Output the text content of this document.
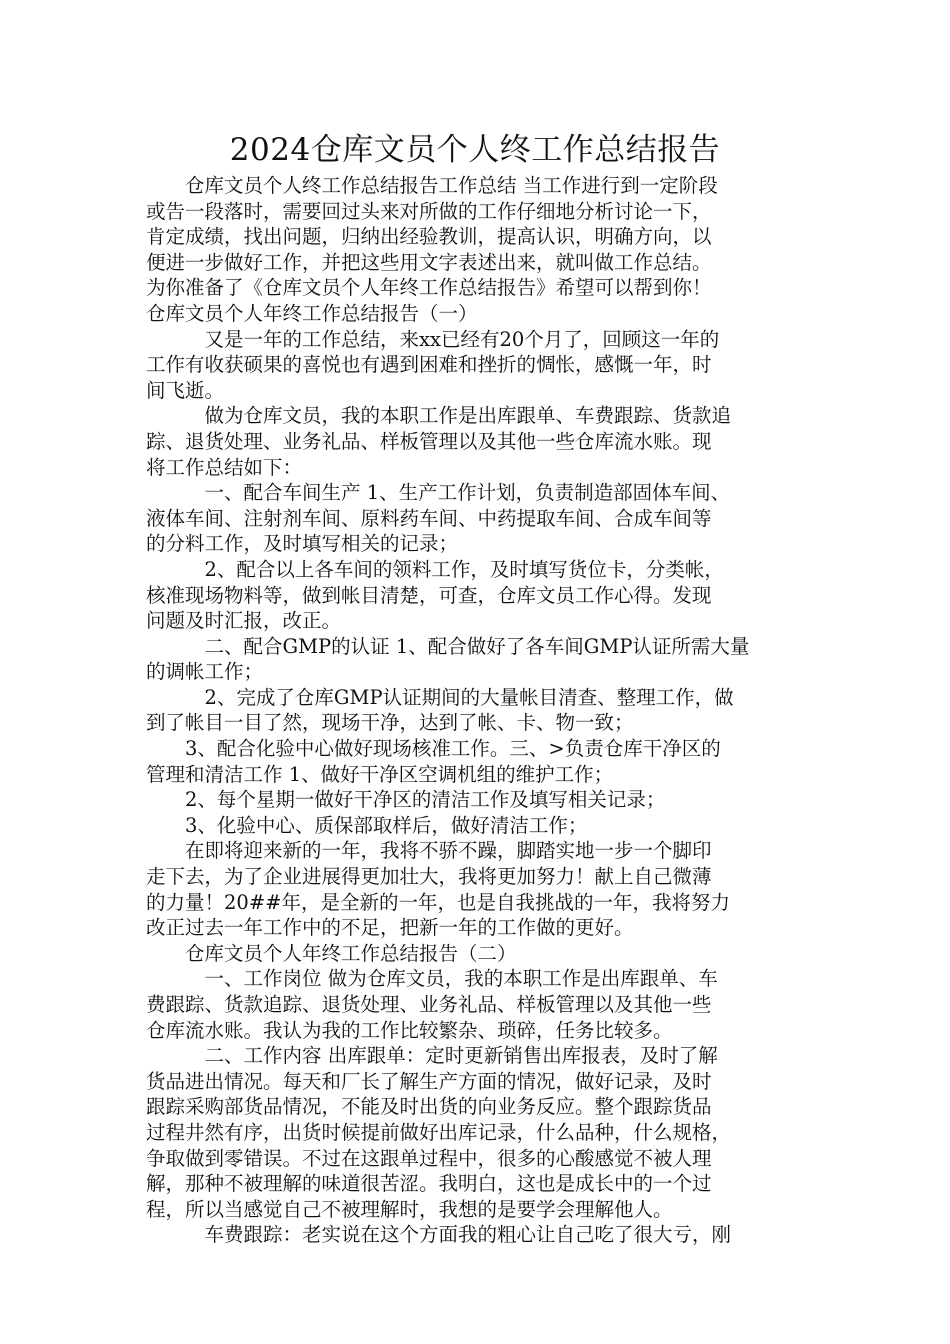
2024仓库文员个人终工作总结报告
　　仓库文员个人终工作总结报告工作总结 当工作进行到一定阶段
或告一段落时，需要回过头来对所做的工作仔细地分析讨论一下，
肯定成绩，找出问题，归纳出经验教训，提高认识，明确方向，以
便进一步做好工作，并把这些用文字表述出来，就叫做工作总结。
为你准备了《仓库文员个人年终工作总结报告》希望可以帮到你！
仓库文员个人年终工作总结报告（一）
　　　又是一年的工作总结，来xx已经有20个月了，回顾这一年的
工作有收获硕果的喜悦也有遇到困难和挫折的惆怅，感慨一年，时
间飞逝。
　　　做为仓库文员，我的本职工作是出库跟单、车费跟踪、货款追
踪、退货处理、业务礼品、样板管理以及其他一些仓库流水账。现
将工作总结如下：
　　　一、配合车间生产 1、生产工作计划，负责制造部固体车间、
液体车间、注射剂车间、原料药车间、中药提取车间、合成车间等
的分料工作，及时填写相关的记录；
　　　2、配合以上各车间的领料工作，及时填写货位卡，分类帐，
核准现场物料等，做到帐目清楚，可查，仓库文员工作心得。发现
问题及时汇报，改正。
　　　二、配合GMP的认证 1、配合做好了各车间GMP认证所需大量
的调帐工作；
　　　2、完成了仓库GMP认证期间的大量帐目清查、整理工作，做
到了帐目一目了然，现场干净，达到了帐、卡、物一致；
　　3、配合化验中心做好现场核准工作。三、>负责仓库干净区的
管理和清洁工作 1、做好干净区空调机组的维护工作；
　　2、每个星期一做好干净区的清洁工作及填写相关记录；
　　3、化验中心、质保部取样后，做好清洁工作；
　　在即将迎来新的一年，我将不骄不躁，脚踏实地一步一个脚印
走下去，为了企业进展得更加壮大，我将更加努力！献上自己微薄
的力量！20##年，是全新的一年，也是自我挑战的一年，我将努力
改正过去一年工作中的不足，把新一年的工作做的更好。
　　仓库文员个人年终工作总结报告（二）
　　　一、工作岗位 做为仓库文员，我的本职工作是出库跟单、车
费跟踪、货款追踪、退货处理、业务礼品、样板管理以及其他一些
仓库流水账。我认为我的工作比较繁杂、琐碎，任务比较多。
　　　二、工作内容 出库跟单：定时更新销售出库报表，及时了解
货品进出情况。每天和厂长了解生产方面的情况，做好记录，及时
跟踪采购部货品情况，不能及时出货的向业务反应。整个跟踪货品
过程井然有序，出货时候提前做好出库记录，什么品种，什么规格，
争取做到零错误。不过在这跟单过程中，很多的心酸感觉不被人理
解，那种不被理解的味道很苦涩。我明白，这也是成长中的一个过
程，所以当感觉自己不被理解时，我想的是要学会理解他人。
　　　车费跟踪：老实说在这个方面我的粗心让自己吃了很大亏，刚
